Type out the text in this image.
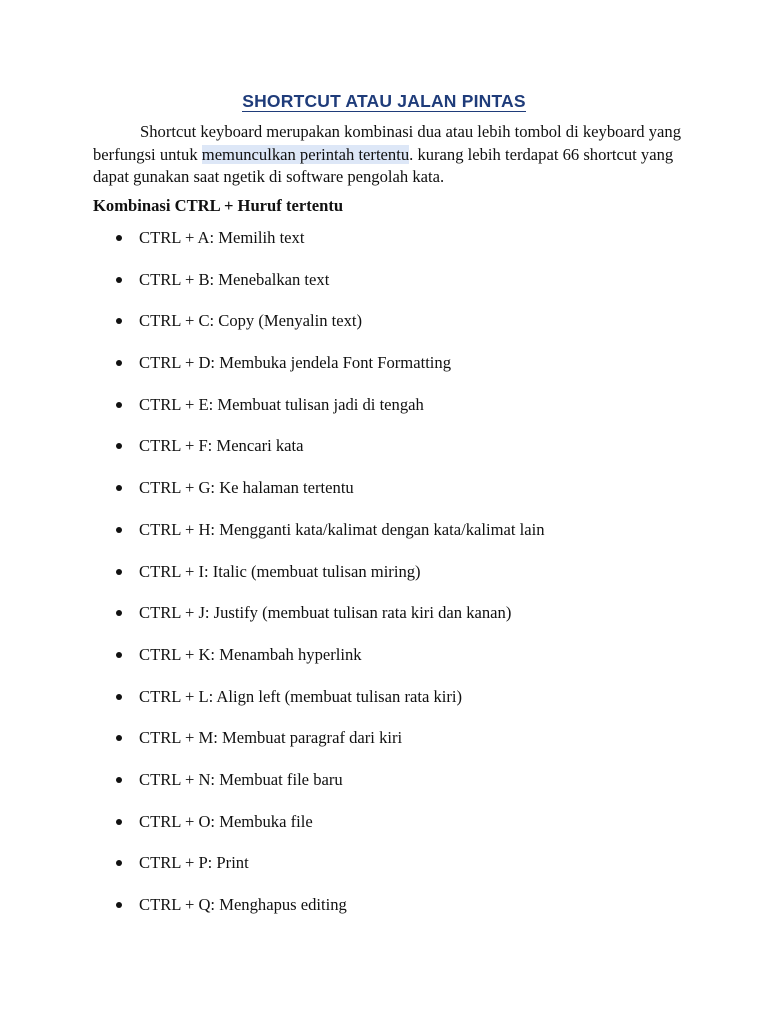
SHORTCUT ATAU JALAN PINTAS
Shortcut keyboard merupakan kombinasi dua atau lebih tombol di keyboard yang berfungsi untuk memunculkan perintah tertentu. kurang lebih terdapat 66 shortcut yang dapat gunakan saat ngetik di software pengolah kata.
Kombinasi CTRL + Huruf tertentu
CTRL + A: Memilih text
CTRL + B: Menebalkan text
CTRL + C: Copy (Menyalin text)
CTRL + D: Membuka jendela Font Formatting
CTRL + E: Membuat tulisan jadi di tengah
CTRL + F: Mencari kata
CTRL + G: Ke halaman tertentu
CTRL + H: Mengganti kata/kalimat dengan kata/kalimat lain
CTRL + I: Italic (membuat tulisan miring)
CTRL + J: Justify (membuat tulisan rata kiri dan kanan)
CTRL + K: Menambah hyperlink
CTRL + L: Align left (membuat tulisan rata kiri)
CTRL + M: Membuat paragraf dari kiri
CTRL + N: Membuat file baru
CTRL + O: Membuka file
CTRL + P: Print
CTRL + Q: Menghapus editing
